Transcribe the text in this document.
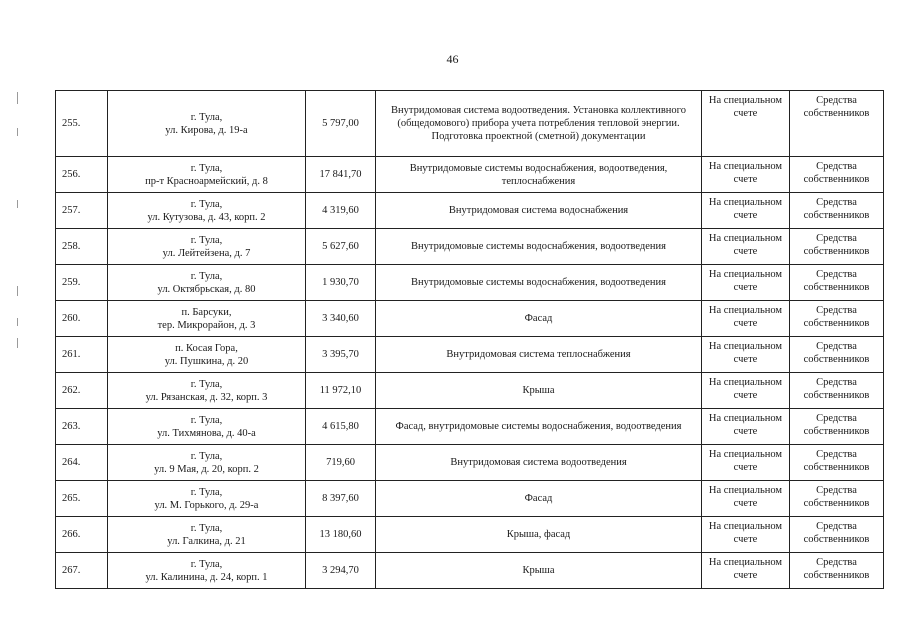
46
255.	г. Тула,
ул. Кирова, д. 19-а	5 797,00	Внутридомовая система водоотведения. Установка коллективного (общедомового) прибора учета потребления тепловой энергии. Подготовка проектной (сметной) документации	На специальном счете	Средства собственников
256.	г. Тула,
пр-т Красноармейский, д. 8	17 841,70	Внутридомовые системы водоснабжения, водоотведения, теплоснабжения	На специальном счете	Средства собственников
257.	г. Тула,
ул. Кутузова, д. 43, корп. 2	4 319,60	Внутридомовая система водоснабжения	На специальном счете	Средства собственников
258.	г. Тула,
ул. Лейтейзена, д. 7	5 627,60	Внутридомовые системы водоснабжения, водоотведения	На специальном счете	Средства собственников
259.	г. Тула,
ул. Октябрьская, д. 80	1 930,70	Внутридомовые системы водоснабжения, водоотведения	На специальном счете	Средства собственников
260.	п. Барсуки,
тер. Микрорайон, д. 3	3 340,60	Фасад	На специальном счете	Средства собственников
261.	п. Косая Гора,
ул. Пушкина, д. 20	3 395,70	Внутридомовая система теплоснабжения	На специальном счете	Средства собственников
262.	г. Тула,
ул. Рязанская, д. 32, корп. 3	11 972,10	Крыша	На специальном счете	Средства собственников
263.	г. Тула,
ул. Тихмянова, д. 40-а	4 615,80	Фасад, внутридомовые системы водоснабжения, водоотведения	На специальном счете	Средства собственников
264.	г. Тула,
ул. 9 Мая, д. 20, корп. 2	719,60	Внутридомовая система водоотведения	На специальном счете	Средства собственников
265.	г. Тула,
ул. М. Горького, д. 29-а	8 397,60	Фасад	На специальном счете	Средства собственников
266.	г. Тула,
ул. Галкина, д. 21	13 180,60	Крыша, фасад	На специальном счете	Средства собственников
267.	г. Тула,
ул. Калинина, д. 24, корп. 1	3 294,70	Крыша	На специальном счете	Средства собственников
